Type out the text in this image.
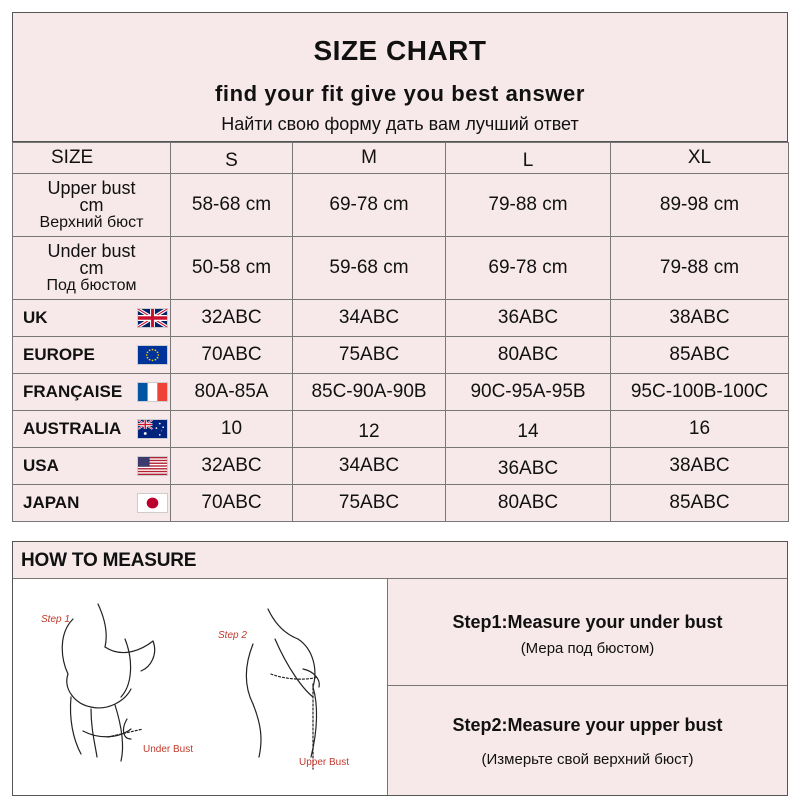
SIZE CHART
find your fit give you best answer
Найти свою форму дать вам лучший ответ
SIZE	S	M	L	XL

Upper bust
cm
Верхний бюст	58-68 cm	69-78 cm	79-88 cm	89-98 cm

Under bust
cm
Под бюстом	50-58 cm	59-68 cm	69-78 cm	79-88 cm

UK	32ABC	34ABC	36ABC	38ABC

EUROPE	70ABC	75ABC	80ABC	85ABC

FRANÇAISE	80A-85A	85C-90A-90B	90C-95A-95B	95C-100B-100C

AUSTRALIA	10	12	14	16

USA	32ABC	34ABC	36ABC	38ABC

JAPAN	70ABC	75ABC	80ABC	85ABC
HOW TO MEASURE
Step 1
Step 2
Under Bust
Upper Bust
Step1:Measure your under bust
(Мера под бюстом)
Step2:Measure your upper bust
(Измерьте свой верхний бюст)
